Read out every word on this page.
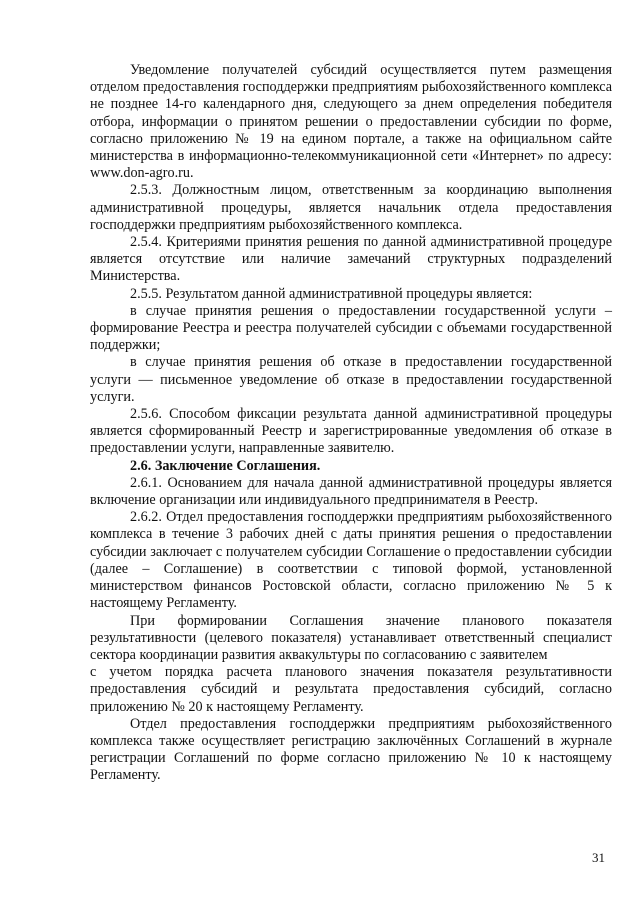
Уведомление получателей субсидий осуществляется путем размещения отделом предоставления господдержки предприятиям рыбохозяйственного комплекса не позднее 14-го календарного дня, следующего за днем определения победителя отбора, информации о принятом решении о предоставлении субсидии по форме, согласно приложению № 19 на едином портале, а также на официальном сайте министерства в информационно-телекоммуникационной сети «Интернет» по адресу: www.don-agro.ru.

2.5.3. Должностным лицом, ответственным за координацию выполнения административной процедуры, является начальник отдела предоставления господдержки предприятиям рыбохозяйственного комплекса.

2.5.4. Критериями принятия решения по данной административной процедуре является отсутствие или наличие замечаний структурных подразделений Министерства.

2.5.5. Результатом данной административной процедуры является:

в случае принятия решения о предоставлении государственной услуги – формирование Реестра и реестра получателей субсидии с объемами государственной поддержки;

в случае принятия решения об отказе в предоставлении государственной услуги — письменное уведомление об отказе в предоставлении государственной услуги.

2.5.6. Способом фиксации результата данной административной процедуры является сформированный Реестр и зарегистрированные уведомления об отказе в предоставлении услуги, направленные заявителю.

2.6. Заключение Соглашения.

2.6.1. Основанием для начала данной административной процедуры является включение организации или индивидуального предпринимателя в Реестр.

2.6.2. Отдел предоставления господдержки предприятиям рыбохозяйственного комплекса в течение 3 рабочих дней с даты принятия решения о предоставлении субсидии заключает с получателем субсидии Соглашение о предоставлении субсидии (далее – Соглашение) в соответствии с типовой формой, установленной министерством финансов Ростовской области, согласно приложению № 5 к настоящему Регламенту.

При формировании Соглашения значение планового показателя результативности (целевого показателя) устанавливает ответственный специалист сектора координации развития аквакультуры по согласованию с заявителем

с учетом порядка расчета планового значения показателя результативности предоставления субсидий и результата предоставления субсидий, согласно приложению № 20 к настоящему Регламенту.

Отдел предоставления господдержки предприятиям рыбохозяйственного комплекса также осуществляет регистрацию заключённых Соглашений в журнале регистрации Соглашений по форме согласно приложению № 10 к настоящему Регламенту.

31
